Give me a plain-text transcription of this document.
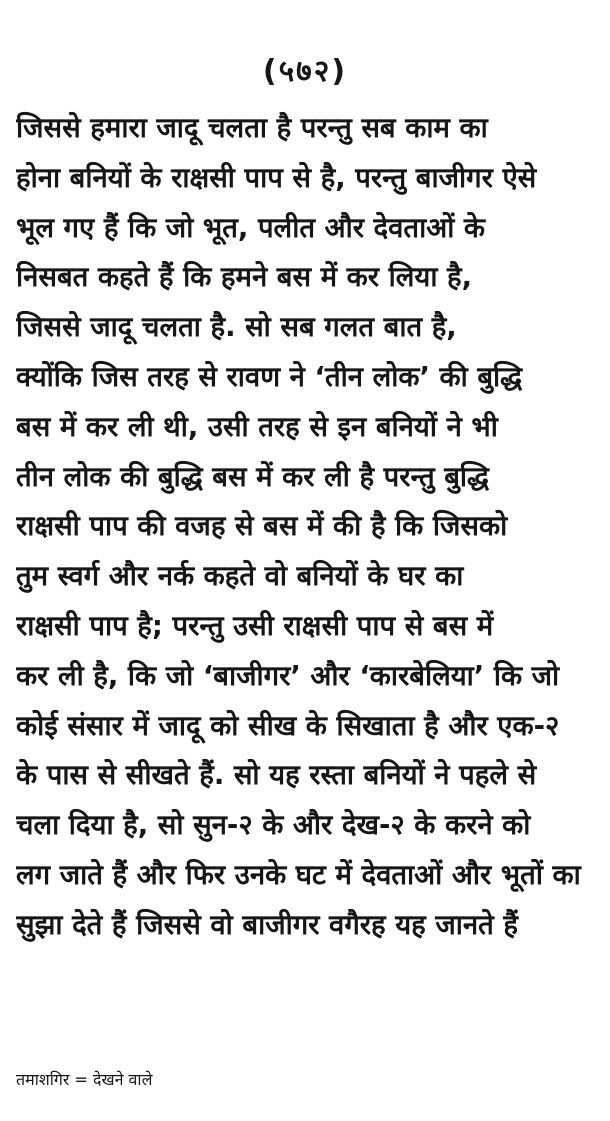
(५७२)
जिससे हमारा जादू चलता है परन्तु सब काम का
होना बनियों के राक्षसी पाप से है, परन्तु बाजीगर ऐसे
भूल गए हैं कि जो भूत, पलीत और देवताओं के
निसबत कहते हैं कि हमने बस में कर लिया है,
जिससे जादू चलता है. सो सब गलत बात है,
क्योंकि जिस तरह से रावण ने ‘तीन लोक’ की बुद्धि
बस में कर ली थी, उसी तरह से इन बनियों ने भी
तीन लोक की बुद्धि बस में कर ली है परन्तु बुद्धि
राक्षसी पाप की वजह से बस में की है कि जिसको
तुम स्वर्ग और नर्क कहते वो बनियों के घर का
राक्षसी पाप है; परन्तु उसी राक्षसी पाप से बस में
कर ली है, कि जो ‘बाजीगर’ और ‘कारबेलिया’ कि जो
कोई संसार में जादू को सीख के सिखाता है और एक-२
के पास से सीखते हैं. सो यह रस्ता बनियों ने पहले से
चला दिया है, सो सुन-२ के और देख-२ के करने को
लग जाते हैं और फिर उनके घट में देवताओं और भूतों का
सुझा देते हैं जिससे वो बाजीगर वगैरह यह जानते हैं
तमाशगिर = देखने वाले
